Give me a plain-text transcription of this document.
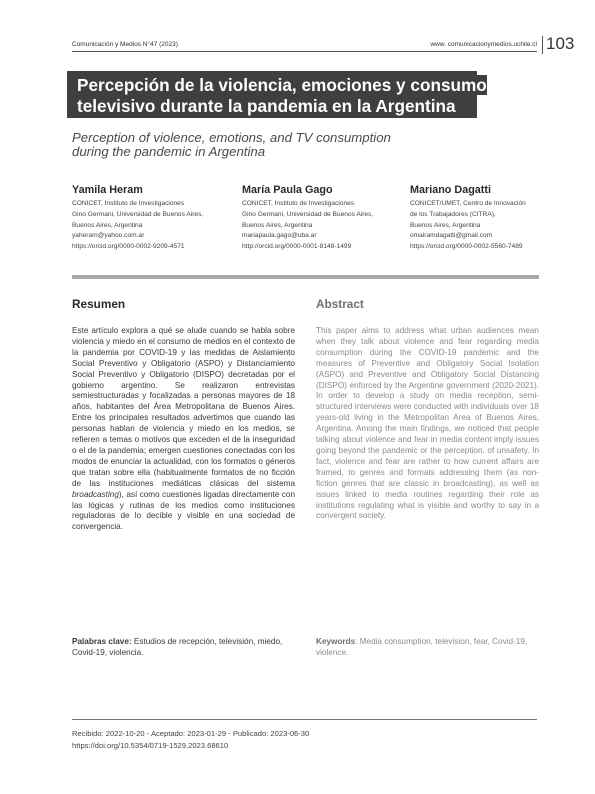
Comunicación y Medios N°47 (2023)	www. comunicacionymedios.uchile.cl 103
Percepción de la violencia, emociones y consumo
televisivo durante la pandemia en la Argentina
Perception of violence, emotions, and TV consumption
during the pandemic in Argentina
Yamila Heram
CONICET, Instituto de Investigaciones
Gino Germani, Universidad de Buenos Aires,
Buenos Aires, Argentina
yaheram@yahoo.com.ar
https://orcid.org/0000-0002-9209-4571
María Paula Gago
CONICET, Instituto de Investigaciones
Gino Germani, Universidad de Buenos Aires,
Buenos Aires, Argentina
mariapaula.gago@uba.ar
http://orcid.org/0000-0001-8148-1499
Mariano Dagatti
CONICET/UMET, Centro de Innovación
de los Trabajadores (CITRA),
Buenos Aires, Argentina
omairamdagatti@gmail.com
https://orcid.org/0000-0002-5560-7489
Resumen

Este artículo explora a qué se alude cuando se habla sobre violencia y miedo en el consumo de medios en el contexto de la pandemia por COVID-19 y las medidas de Aislamiento Social Preventivo y Obligatorio (ASPO) y Distanciamiento Social Preventivo y Obligatorio (DISPO) decretadas por el gobierno argentino. Se realizaron entrevistas semiestructuradas y focalizadas a personas mayores de 18 años, habitantes del Área Metropolitana de Buenos Aires. Entre los principales resultados advertimos que cuando las personas hablan de violencia y miedo en los medios, se refieren a temas o motivos que exceden el de la inseguridad o el de la pandemia; emergen cuestiones conectadas con los modos de enunciar la actualidad, con los formatos o géneros que tratan sobre ella (habitualmente formatos de no ficción de las instituciones mediáticas clásicas del sistema broadcasting), así como cuestiones ligadas directamente con las lógicas y rutinas de los medios como instituciones reguladoras de lo decible y visible en una sociedad de convergencia.

Abstract

This paper aims to address what urban audiences mean when they talk about violence and fear regarding media consumption during the COVID-19 pandemic and the measures of Preventive and Obligatory Social Isolation (ASPO) and Preventive and Obligatory Social Distancing (DISPO) enforced by the Argentine government (2020-2021). In order to develop a study on media reception, semi-structured interviews were conducted with individuals over 18 years-old living in the Metropolitan Area of Buenos Aires, Argentina. Among the main findings, we noticed that people talking about violence and fear in media content imply issues going beyond the pandemic or the perception. of unsafety. In fact, violence and fear are rather to how current affairs are framed, to genres and formats addressing them (as non-fiction genres that are classic in broadcasting), as well as issues linked to media routines regarding their role as institutions regulating what is visible and worthy to say in a convergent society.

Palabras clave: Estudios de recepción, televisión, miedo, Covid-19, violencia.
Keywords: Media consumption, television, fear, Covid-19, violence.
Recibido: 2022-10-20 - Aceptado: 2023-01-29 - Publicado: 2023-06-30
https://doi.org/10.5354/0719-1529.2023.68610
